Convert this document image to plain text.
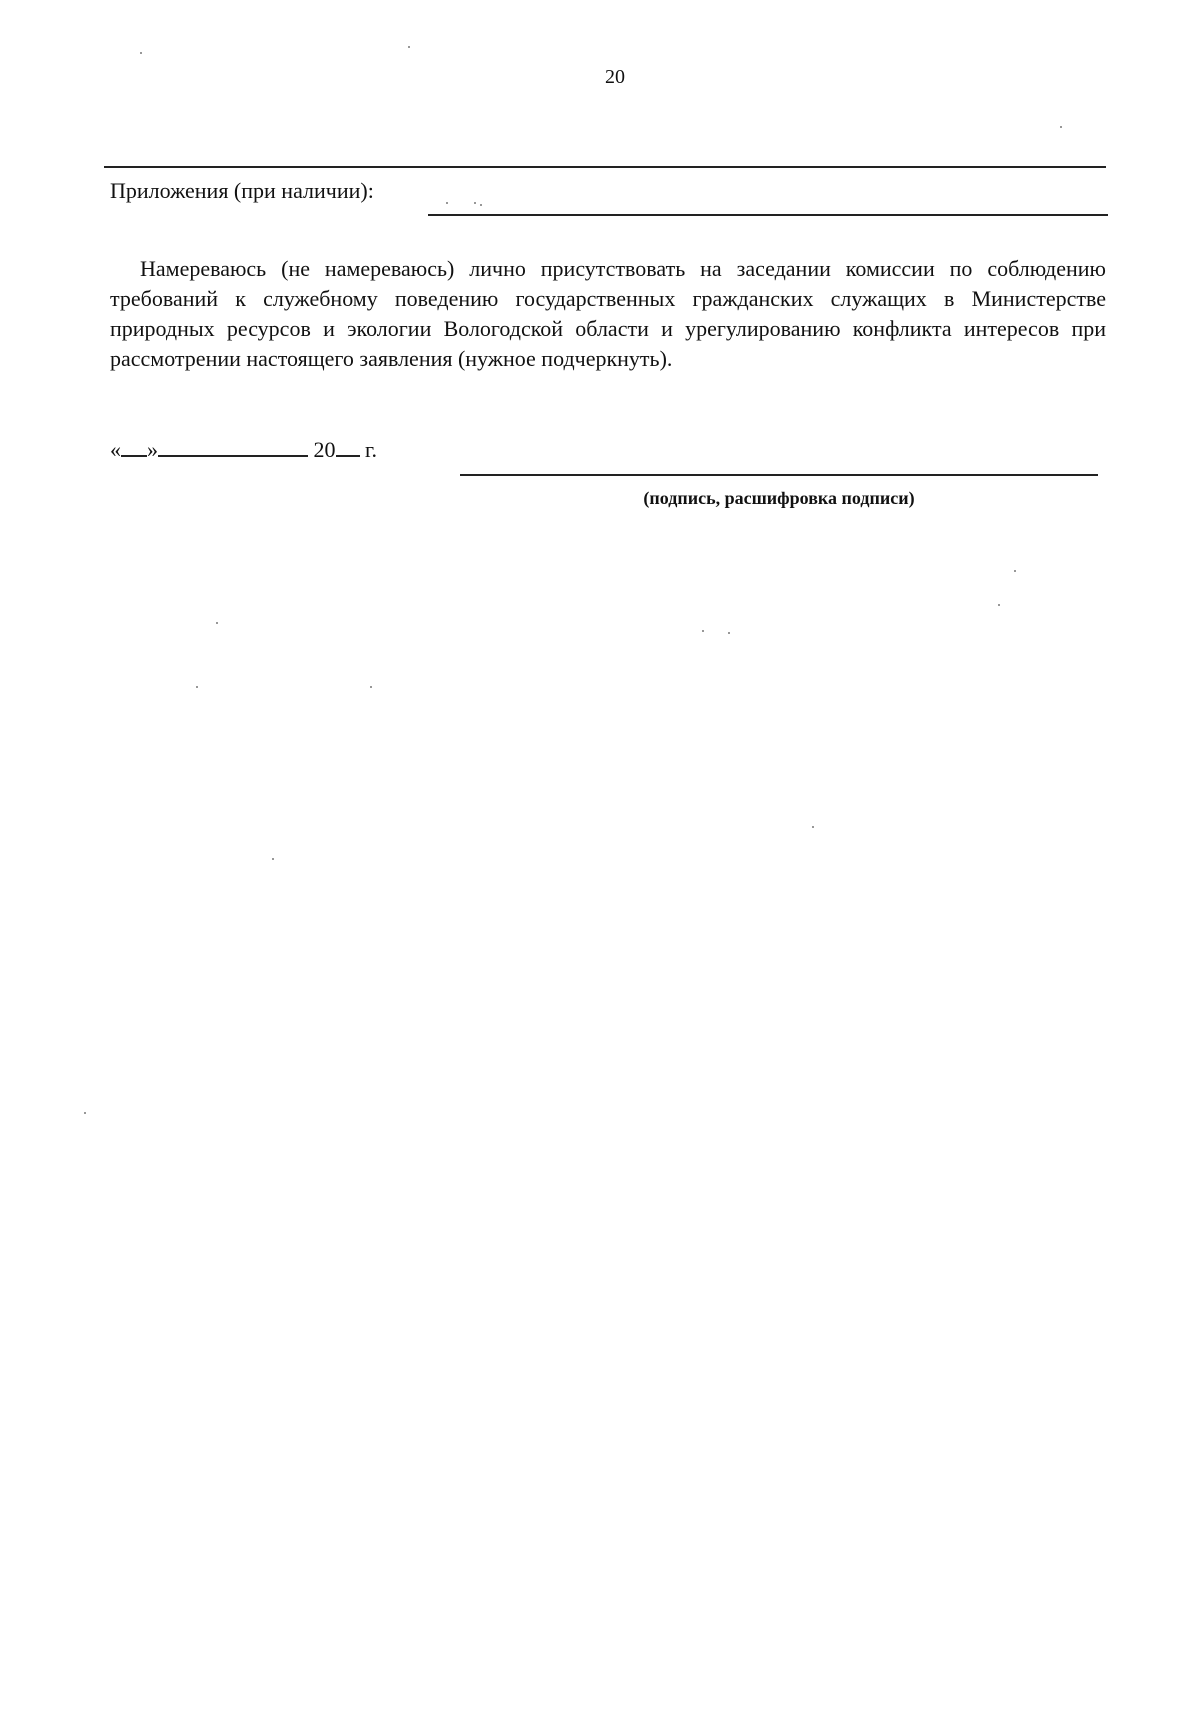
20
Приложения (при наличии):

Намереваюсь (не намереваюсь) лично присутствовать на заседании комиссии по соблюдению требований к служебному поведению государственных гражданских служащих в Министерстве природных ресурсов и экологии Вологодской области и урегулированию конфликта интересов при рассмотрении настоящего заявления (нужное подчеркнуть).

« »	20 г.
(подпись, расшифровка подписи)
